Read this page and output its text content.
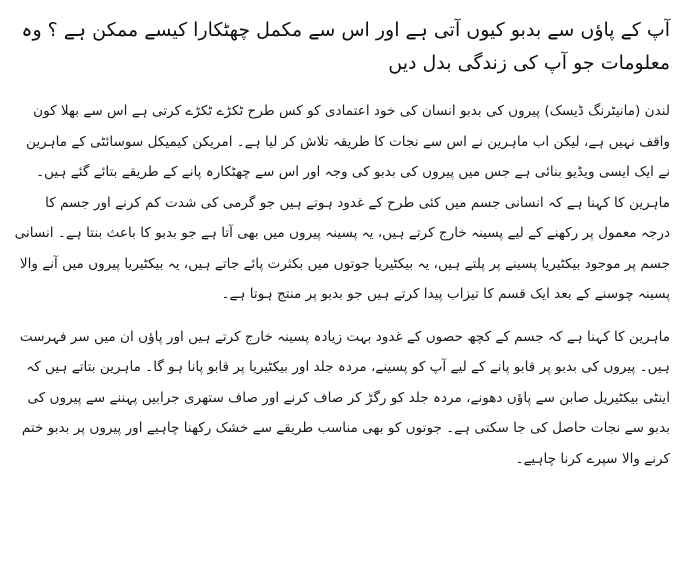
آپ کے پاؤں سے بدبو کیوں آتی ہے اور اس سے مکمل چھٹکارا کیسے ممکن ہے ؟ وہ معلومات جو آپ کی زندگی بدل دیں

لندن (مانیٹرنگ ڈیسک) پیروں کی بدبو انسان کی خود اعتمادی کو کس طرح ٹکڑے ٹکڑے کرتی ہے اس سے بھلا کون واقف نہیں ہے، لیکن اب ماہرین نے اس سے نجات کا طریقہ تلاش کر لیا ہے۔ امریکن کیمیکل سوسائٹی کے ماہرین نے ایک ایسی ویڈیو بنائی ہے جس میں پیروں کی بدبو کی وجہ اور اس سے چھٹکارہ پانے کے طریقے بتائے گئے ہیں۔ ماہرین کا کہنا ہے کہ انسانی جسم میں کئی طرح کے غدود ہوتے ہیں جو گرمی کی شدت کم کرنے اور جسم کا درجہ معمول پر رکھنے کے لیے پسینہ خارج کرتے ہیں، یہ پسینہ پیروں میں بھی آتا ہے جو بدبو کا باعث بنتا ہے۔ انسانی جسم پر موجود بیکٹیریا پسینے پر پلتے ہیں، یہ بیکٹیریا جوتوں میں بکثرت پائے جاتے ہیں، یہ بیکٹیریا پیروں میں آنے والا پسینہ چوسنے کے بعد ایک قسم کا تیزاب پیدا کرتے ہیں جو بدبو پر منتج ہوتا ہے۔

ماہرین کا کہنا ہے کہ جسم کے کچھ حصوں کے غدود بہت زیادہ پسینہ خارج کرتے ہیں اور پاؤں ان میں سر فہرست ہیں۔ پیروں کی بدبو پر قابو پانے کے لیے آپ کو پسینے، مردہ جلد اور بیکٹیریا پر قابو پانا ہو گا۔ ماہرین بتاتے ہیں کہ اینٹی بیکٹیریل صابن سے پاؤں دھونے، مردہ جلد کو رگڑ کر صاف کرنے اور صاف ستھری جرابیں پہننے سے پیروں کی بدبو سے نجات حاصل کی جا سکتی ہے۔ جوتوں کو بھی مناسب طریقے سے خشک رکھنا چاہیے اور پیروں پر بدبو ختم کرنے والا سپرے کرنا چاہیے۔
